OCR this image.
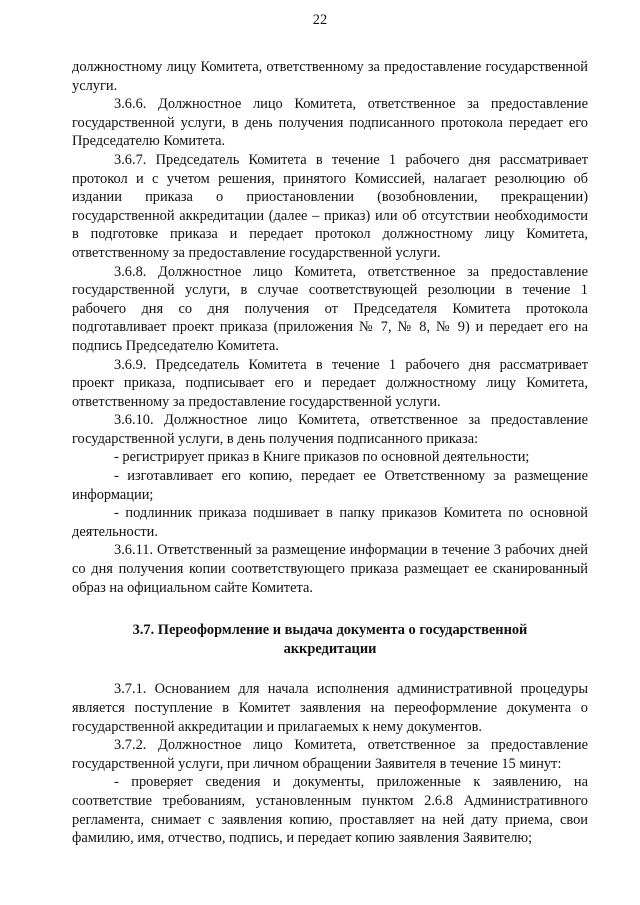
22

должностному лицу Комитета, ответственному за предоставление государственной услуги.

3.6.6. Должностное лицо Комитета, ответственное за предоставление государственной услуги, в день получения подписанного протокола передает его Председателю Комитета.

3.6.7. Председатель Комитета в течение 1 рабочего дня рассматривает протокол и с учетом решения, принятого Комиссией, налагает резолюцию об издании приказа о приостановлении (возобновлении, прекращении) государственной аккредитации (далее – приказ) или об отсутствии необходимости в подготовке приказа и передает протокол должностному лицу Комитета, ответственному за предоставление государственной услуги.

3.6.8. Должностное лицо Комитета, ответственное за предоставление государственной услуги, в случае соответствующей резолюции в течение 1 рабочего дня со дня получения от Председателя Комитета протокола подготавливает проект приказа (приложения № 7, № 8, № 9) и передает его на подпись Председателю Комитета.

3.6.9. Председатель Комитета в течение 1 рабочего дня рассматривает проект приказа, подписывает его и передает должностному лицу Комитета, ответственному за предоставление государственной услуги.

3.6.10. Должностное лицо Комитета, ответственное за предоставление государственной услуги, в день получения подписанного приказа:

- регистрирует приказ в Книге приказов по основной деятельности;

- изготавливает его копию, передает ее Ответственному за размещение информации;

- подлинник приказа подшивает в папку приказов Комитета по основной деятельности.

3.6.11. Ответственный за размещение информации в течение 3 рабочих дней со дня получения копии соответствующего приказа размещает ее сканированный образ на официальном сайте Комитета.

3.7. Переоформление и выдача документа о государственной аккредитации

3.7.1. Основанием для начала исполнения административной процедуры является поступление в Комитет заявления на переоформление документа о государственной аккредитации и прилагаемых к нему документов.

3.7.2. Должностное лицо Комитета, ответственное за предоставление государственной услуги, при личном обращении Заявителя в течение 15 минут:

- проверяет сведения и документы, приложенные к заявлению, на соответствие требованиям, установленным пунктом 2.6.8 Административного регламента, снимает с заявления копию, проставляет на ней дату приема, свои фамилию, имя, отчество, подпись, и передает копию заявления Заявителю;
